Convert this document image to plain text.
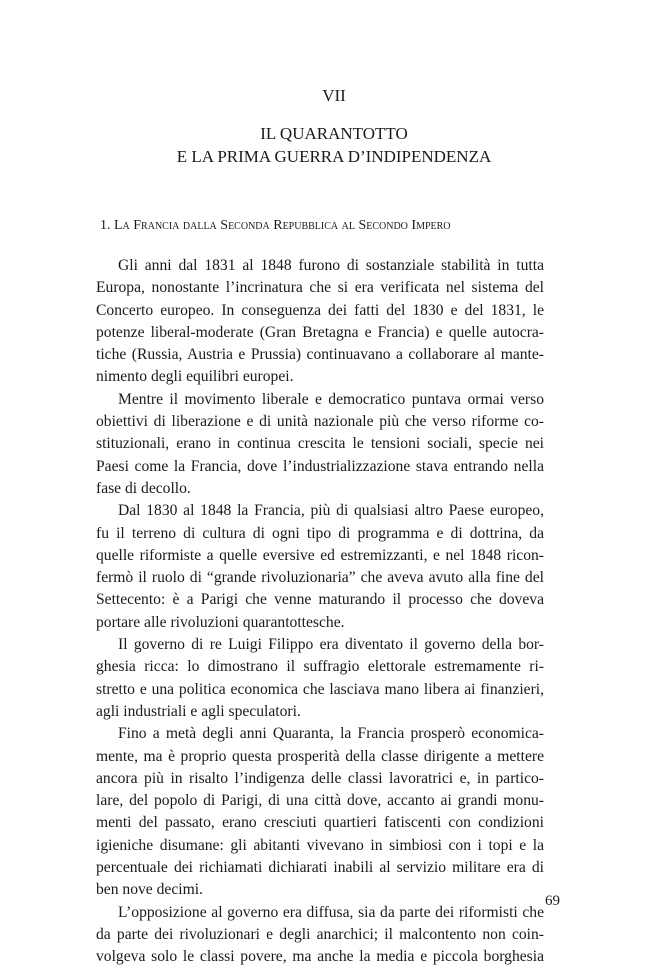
VII
IL QUARANTOTTO
E LA PRIMA GUERRA D’INDIPENDENZA
1. La Francia dalla Seconda Repubblica al Secondo Impero
Gli anni dal 1831 al 1848 furono di sostanziale stabilità in tutta
Europa, nonostante l’incrinatura che si era verificata nel sistema del
Concerto europeo. In conseguenza dei fatti del 1830 e del 1831, le
potenze liberal-moderate (Gran Bretagna e Francia) e quelle autocra-
tiche (Russia, Austria e Prussia) continuavano a collaborare al mante-
nimento degli equilibri europei.
Mentre il movimento liberale e democratico puntava ormai verso
obiettivi di liberazione e di unità nazionale più che verso riforme co-
stituzionali, erano in continua crescita le tensioni sociali, specie nei
Paesi come la Francia, dove l’industrializzazione stava entrando nella
fase di decollo.
Dal 1830 al 1848 la Francia, più di qualsiasi altro Paese europeo,
fu il terreno di cultura di ogni tipo di programma e di dottrina, da
quelle riformiste a quelle eversive ed estremizzanti, e nel 1848 ricon-
fermò il ruolo di “grande rivoluzionaria” che aveva avuto alla fine del
Settecento: è a Parigi che venne maturando il processo che doveva
portare alle rivoluzioni quarantottesche.
Il governo di re Luigi Filippo era diventato il governo della bor-
ghesia ricca: lo dimostrano il suffragio elettorale estremamente ri-
stretto e una politica economica che lasciava mano libera ai finanzieri,
agli industriali e agli speculatori.
Fino a metà degli anni Quaranta, la Francia prosperò economica-
mente, ma è proprio questa prosperità della classe dirigente a mettere
ancora più in risalto l’indigenza delle classi lavoratrici e, in partico-
lare, del popolo di Parigi, di una città dove, accanto ai grandi monu-
menti del passato, erano cresciuti quartieri fatiscenti con condizioni
igieniche disumane: gli abitanti vivevano in simbiosi con i topi e la
percentuale dei richiamati dichiarati inabili al servizio militare era di
ben nove decimi.
L’opposizione al governo era diffusa, sia da parte dei riformisti che
da parte dei rivoluzionari e degli anarchici; il malcontento non coin-
volgeva solo le classi povere, ma anche la media e piccola borghesia
69
